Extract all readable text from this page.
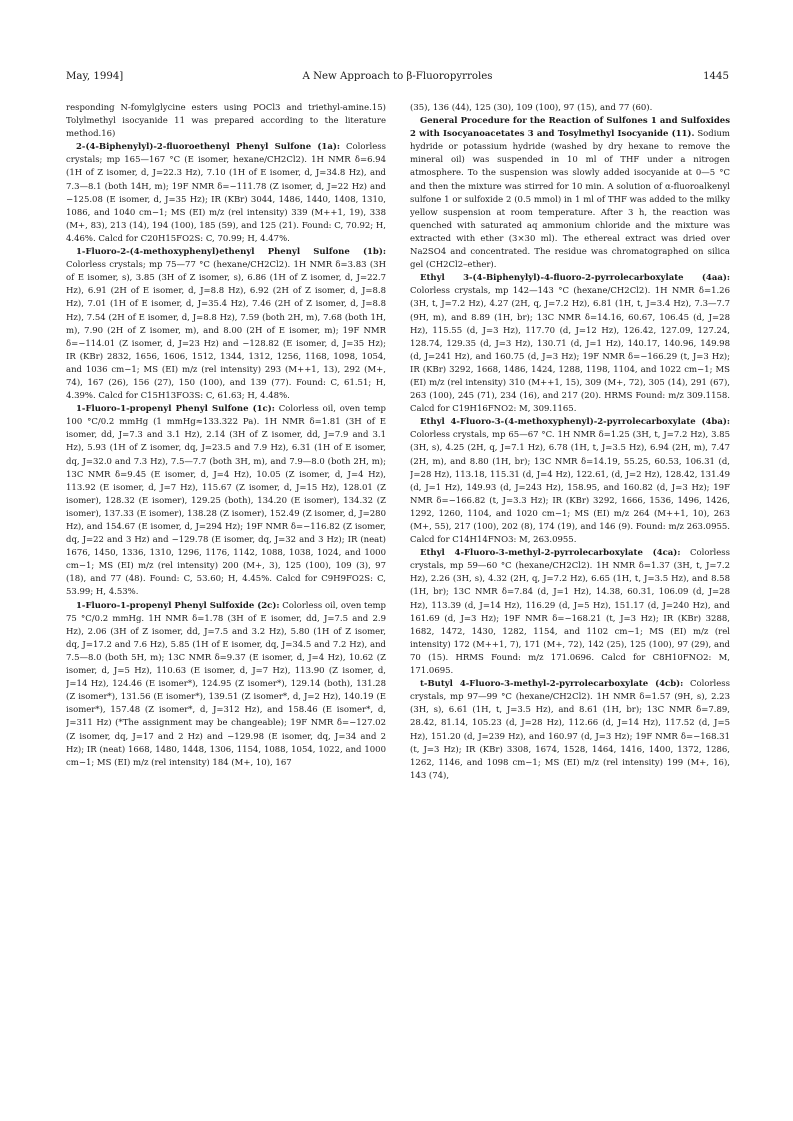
May, 1994]	A New Approach to β-Fluoropyrroles	1445

responding N-fomylglycine esters using POCl3 and triethyl-amine.15) Tolylmethyl isocyanide 11 was prepared according to the literature method.16)

2-(4-Biphenylyl)-2-fluoroethenyl Phenyl Sulfone (1a): Colorless crystals; mp 165—167 °C (E isomer, hexane/CH2Cl2). 1H NMR δ=6.94 (1H of Z isomer, d, J=22.3 Hz), 7.10 (1H of E isomer, d, J=34.8 Hz), and 7.3—8.1 (both 14H, m); 19F NMR δ=−111.78 (Z isomer, d, J=22 Hz) and −125.08 (E isomer, d, J=35 Hz); IR (KBr) 3044, 1486, 1440, 1408, 1310, 1086, and 1040 cm−1; MS (EI) m/z (rel intensity) 339 (M++1, 19), 338 (M+, 83), 213 (14), 194 (100), 185 (59), and 125 (21). Found: C, 70.92; H, 4.46%. Calcd for C20H15FO2S: C, 70.99; H, 4.47%.

1-Fluoro-2-(4-methoxyphenyl)ethenyl Phenyl Sulfone (1b): Colorless crystals; mp 75—77 °C (hexane/CH2Cl2). 1H NMR δ=3.83 (3H of E isomer, s), 3.85 (3H of Z isomer, s), 6.86 (1H of Z isomer, d, J=22.7 Hz), 6.91 (2H of E isomer, d, J=8.8 Hz), 6.92 (2H of Z isomer, d, J=8.8 Hz), 7.01 (1H of E isomer, d, J=35.4 Hz), 7.46 (2H of Z isomer, d, J=8.8 Hz), 7.54 (2H of E isomer, d, J=8.8 Hz), 7.59 (both 2H, m), 7.68 (both 1H, m), 7.90 (2H of Z isomer, m), and 8.00 (2H of E isomer, m); 19F NMR δ=−114.01 (Z isomer, d, J=23 Hz) and −128.82 (E isomer, d, J=35 Hz); IR (KBr) 2832, 1656, 1606, 1512, 1344, 1312, 1256, 1168, 1098, 1054, and 1036 cm−1; MS (EI) m/z (rel intensity) 293 (M++1, 13), 292 (M+, 74), 167 (26), 156 (27), 150 (100), and 139 (77). Found: C, 61.51; H, 4.39%. Calcd for C15H13FO3S: C, 61.63; H, 4.48%.

1-Fluoro-1-propenyl Phenyl Sulfone (1c): Colorless oil, oven temp 100 °C/0.2 mmHg (1 mmHg≈133.322 Pa). 1H NMR δ=1.81 (3H of E isomer, dd, J=7.3 and 3.1 Hz), 2.14 (3H of Z isomer, dd, J=7.9 and 3.1 Hz), 5.93 (1H of Z isomer, dq, J=23.5 and 7.9 Hz), 6.31 (1H of E isomer, dq, J=32.0 and 7.3 Hz), 7.5—7.7 (both 3H, m), and 7.9—8.0 (both 2H, m); 13C NMR δ=9.45 (E isomer, d, J=4 Hz), 10.05 (Z isomer, d, J=4 Hz), 113.92 (E isomer, d, J=7 Hz), 115.67 (Z isomer, d, J=15 Hz), 128.01 (Z isomer), 128.32 (E isomer), 129.25 (both), 134.20 (E isomer), 134.32 (Z isomer), 137.33 (E isomer), 138.28 (Z isomer), 152.49 (Z isomer, d, J=280 Hz), and 154.67 (E isomer, d, J=294 Hz); 19F NMR δ=−116.82 (Z isomer, dq, J=22 and 3 Hz) and −129.78 (E isomer, dq, J=32 and 3 Hz); IR (neat) 1676, 1450, 1336, 1310, 1296, 1176, 1142, 1088, 1038, 1024, and 1000 cm−1; MS (EI) m/z (rel intensity) 200 (M+, 3), 125 (100), 109 (3), 97 (18), and 77 (48). Found: C, 53.60; H, 4.45%. Calcd for C9H9FO2S: C, 53.99; H, 4.53%.

1-Fluoro-1-propenyl Phenyl Sulfoxide (2c): Colorless oil, oven temp 75 °C/0.2 mmHg. 1H NMR δ=1.78 (3H of E isomer, dd, J=7.5 and 2.9 Hz), 2.06 (3H of Z isomer, dd, J=7.5 and 3.2 Hz), 5.80 (1H of Z isomer, dq, J=17.2 and 7.6 Hz), 5.85 (1H of E isomer, dq, J=34.5 and 7.2 Hz), and 7.5—8.0 (both 5H, m); 13C NMR δ=9.37 (E isomer, d, J=4 Hz), 10.62 (Z isomer, d, J=5 Hz), 110.63 (E isomer, d, J=7 Hz), 113.90 (Z isomer, d, J=14 Hz), 124.46 (E isomer*), 124.95 (Z isomer*), 129.14 (both), 131.28 (Z isomer*), 131.56 (E isomer*), 139.51 (Z isomer*, d, J=2 Hz), 140.19 (E isomer*), 157.48 (Z isomer*, d, J=312 Hz), and 158.46 (E isomer*, d, J=311 Hz) (*The assignment may be changeable); 19F NMR δ=−127.02 (Z isomer, dq, J=17 and 2 Hz) and −129.98 (E isomer, dq, J=34 and 2 Hz); IR (neat) 1668, 1480, 1448, 1306, 1154, 1088, 1054, 1022, and 1000 cm−1; MS (EI) m/z (rel intensity) 184 (M+, 10), 167

(35), 136 (44), 125 (30), 109 (100), 97 (15), and 77 (60).

General Procedure for the Reaction of Sulfones 1 and Sulfoxides 2 with Isocyanoacetates 3 and Tosylmethyl Isocyanide (11). Sodium hydride or potassium hydride (washed by dry hexane to remove the mineral oil) was suspended in 10 ml of THF under a nitrogen atmosphere. To the suspension was slowly added isocyanide at 0—5 °C and then the mixture was stirred for 10 min. A solution of α-fluoroalkenyl sulfone 1 or sulfoxide 2 (0.5 mmol) in 1 ml of THF was added to the milky yellow suspension at room temperature. After 3 h, the reaction was quenched with saturated aq ammonium chloride and the mixture was extracted with ether (3×30 ml). The ethereal extract was dried over Na2SO4 and concentrated. The residue was chromatographed on silica gel (CH2Cl2–ether).

Ethyl 3-(4-Biphenylyl)-4-fluoro-2-pyrrolecarboxylate (4aa): Colorless crystals, mp 142—143 °C (hexane/CH2Cl2). 1H NMR δ=1.26 (3H, t, J=7.2 Hz), 4.27 (2H, q, J=7.2 Hz), 6.81 (1H, t, J=3.4 Hz), 7.3—7.7 (9H, m), and 8.89 (1H, br); 13C NMR δ=14.16, 60.67, 106.45 (d, J=28 Hz), 115.55 (d, J=3 Hz), 117.70 (d, J=12 Hz), 126.42, 127.09, 127.24, 128.74, 129.35 (d, J=3 Hz), 130.71 (d, J=1 Hz), 140.17, 140.96, 149.98 (d, J=241 Hz), and 160.75 (d, J=3 Hz); 19F NMR δ=−166.29 (t, J=3 Hz); IR (KBr) 3292, 1668, 1486, 1424, 1288, 1198, 1104, and 1022 cm−1; MS (EI) m/z (rel intensity) 310 (M++1, 15), 309 (M+, 72), 305 (14), 291 (67), 263 (100), 245 (71), 234 (16), and 217 (20). HRMS Found: m/z 309.1158. Calcd for C19H16FNO2: M, 309.1165.

Ethyl 4-Fluoro-3-(4-methoxyphenyl)-2-pyrrolecarboxylate (4ba): Colorless crystals, mp 65—67 °C. 1H NMR δ=1.25 (3H, t, J=7.2 Hz), 3.85 (3H, s), 4.25 (2H, q, J=7.1 Hz), 6.78 (1H, t, J=3.5 Hz), 6.94 (2H, m), 7.47 (2H, m), and 8.80 (1H, br); 13C NMR δ=14.19, 55.25, 60.53, 106.31 (d, J=28 Hz), 113.18, 115.31 (d, J=4 Hz), 122.61, (d, J=2 Hz), 128.42, 131.49 (d, J=1 Hz), 149.93 (d, J=243 Hz), 158.95, and 160.82 (d, J=3 Hz); 19F NMR δ=−166.82 (t, J=3.3 Hz); IR (KBr) 3292, 1666, 1536, 1496, 1426, 1292, 1260, 1104, and 1020 cm−1; MS (EI) m/z 264 (M++1, 10), 263 (M+, 55), 217 (100), 202 (8), 174 (19), and 146 (9). Found: m/z 263.0955. Calcd for C14H14FNO3: M, 263.0955.

Ethyl 4-Fluoro-3-methyl-2-pyrrolecarboxylate (4ca): Colorless crystals, mp 59—60 °C (hexane/CH2Cl2). 1H NMR δ=1.37 (3H, t, J=7.2 Hz), 2.26 (3H, s), 4.32 (2H, q, J=7.2 Hz), 6.65 (1H, t, J=3.5 Hz), and 8.58 (1H, br); 13C NMR δ=7.84 (d, J=1 Hz), 14.38, 60.31, 106.09 (d, J=28 Hz), 113.39 (d, J=14 Hz), 116.29 (d, J=5 Hz), 151.17 (d, J=240 Hz), and 161.69 (d, J=3 Hz); 19F NMR δ=−168.21 (t, J=3 Hz); IR (KBr) 3288, 1682, 1472, 1430, 1282, 1154, and 1102 cm−1; MS (EI) m/z (rel intensity) 172 (M++1, 7), 171 (M+, 72), 142 (25), 125 (100), 97 (29), and 70 (15). HRMS Found: m/z 171.0696. Calcd for C8H10FNO2: M, 171.0695.

t-Butyl 4-Fluoro-3-methyl-2-pyrrolecarboxylate (4cb): Colorless crystals, mp 97—99 °C (hexane/CH2Cl2). 1H NMR δ=1.57 (9H, s), 2.23 (3H, s), 6.61 (1H, t, J=3.5 Hz), and 8.61 (1H, br); 13C NMR δ=7.89, 28.42, 81.14, 105.23 (d, J=28 Hz), 112.66 (d, J=14 Hz), 117.52 (d, J=5 Hz), 151.20 (d, J=239 Hz), and 160.97 (d, J=3 Hz); 19F NMR δ=−168.31 (t, J=3 Hz); IR (KBr) 3308, 1674, 1528, 1464, 1416, 1400, 1372, 1286, 1262, 1146, and 1098 cm−1; MS (EI) m/z (rel intensity) 199 (M+, 16), 143 (74),
